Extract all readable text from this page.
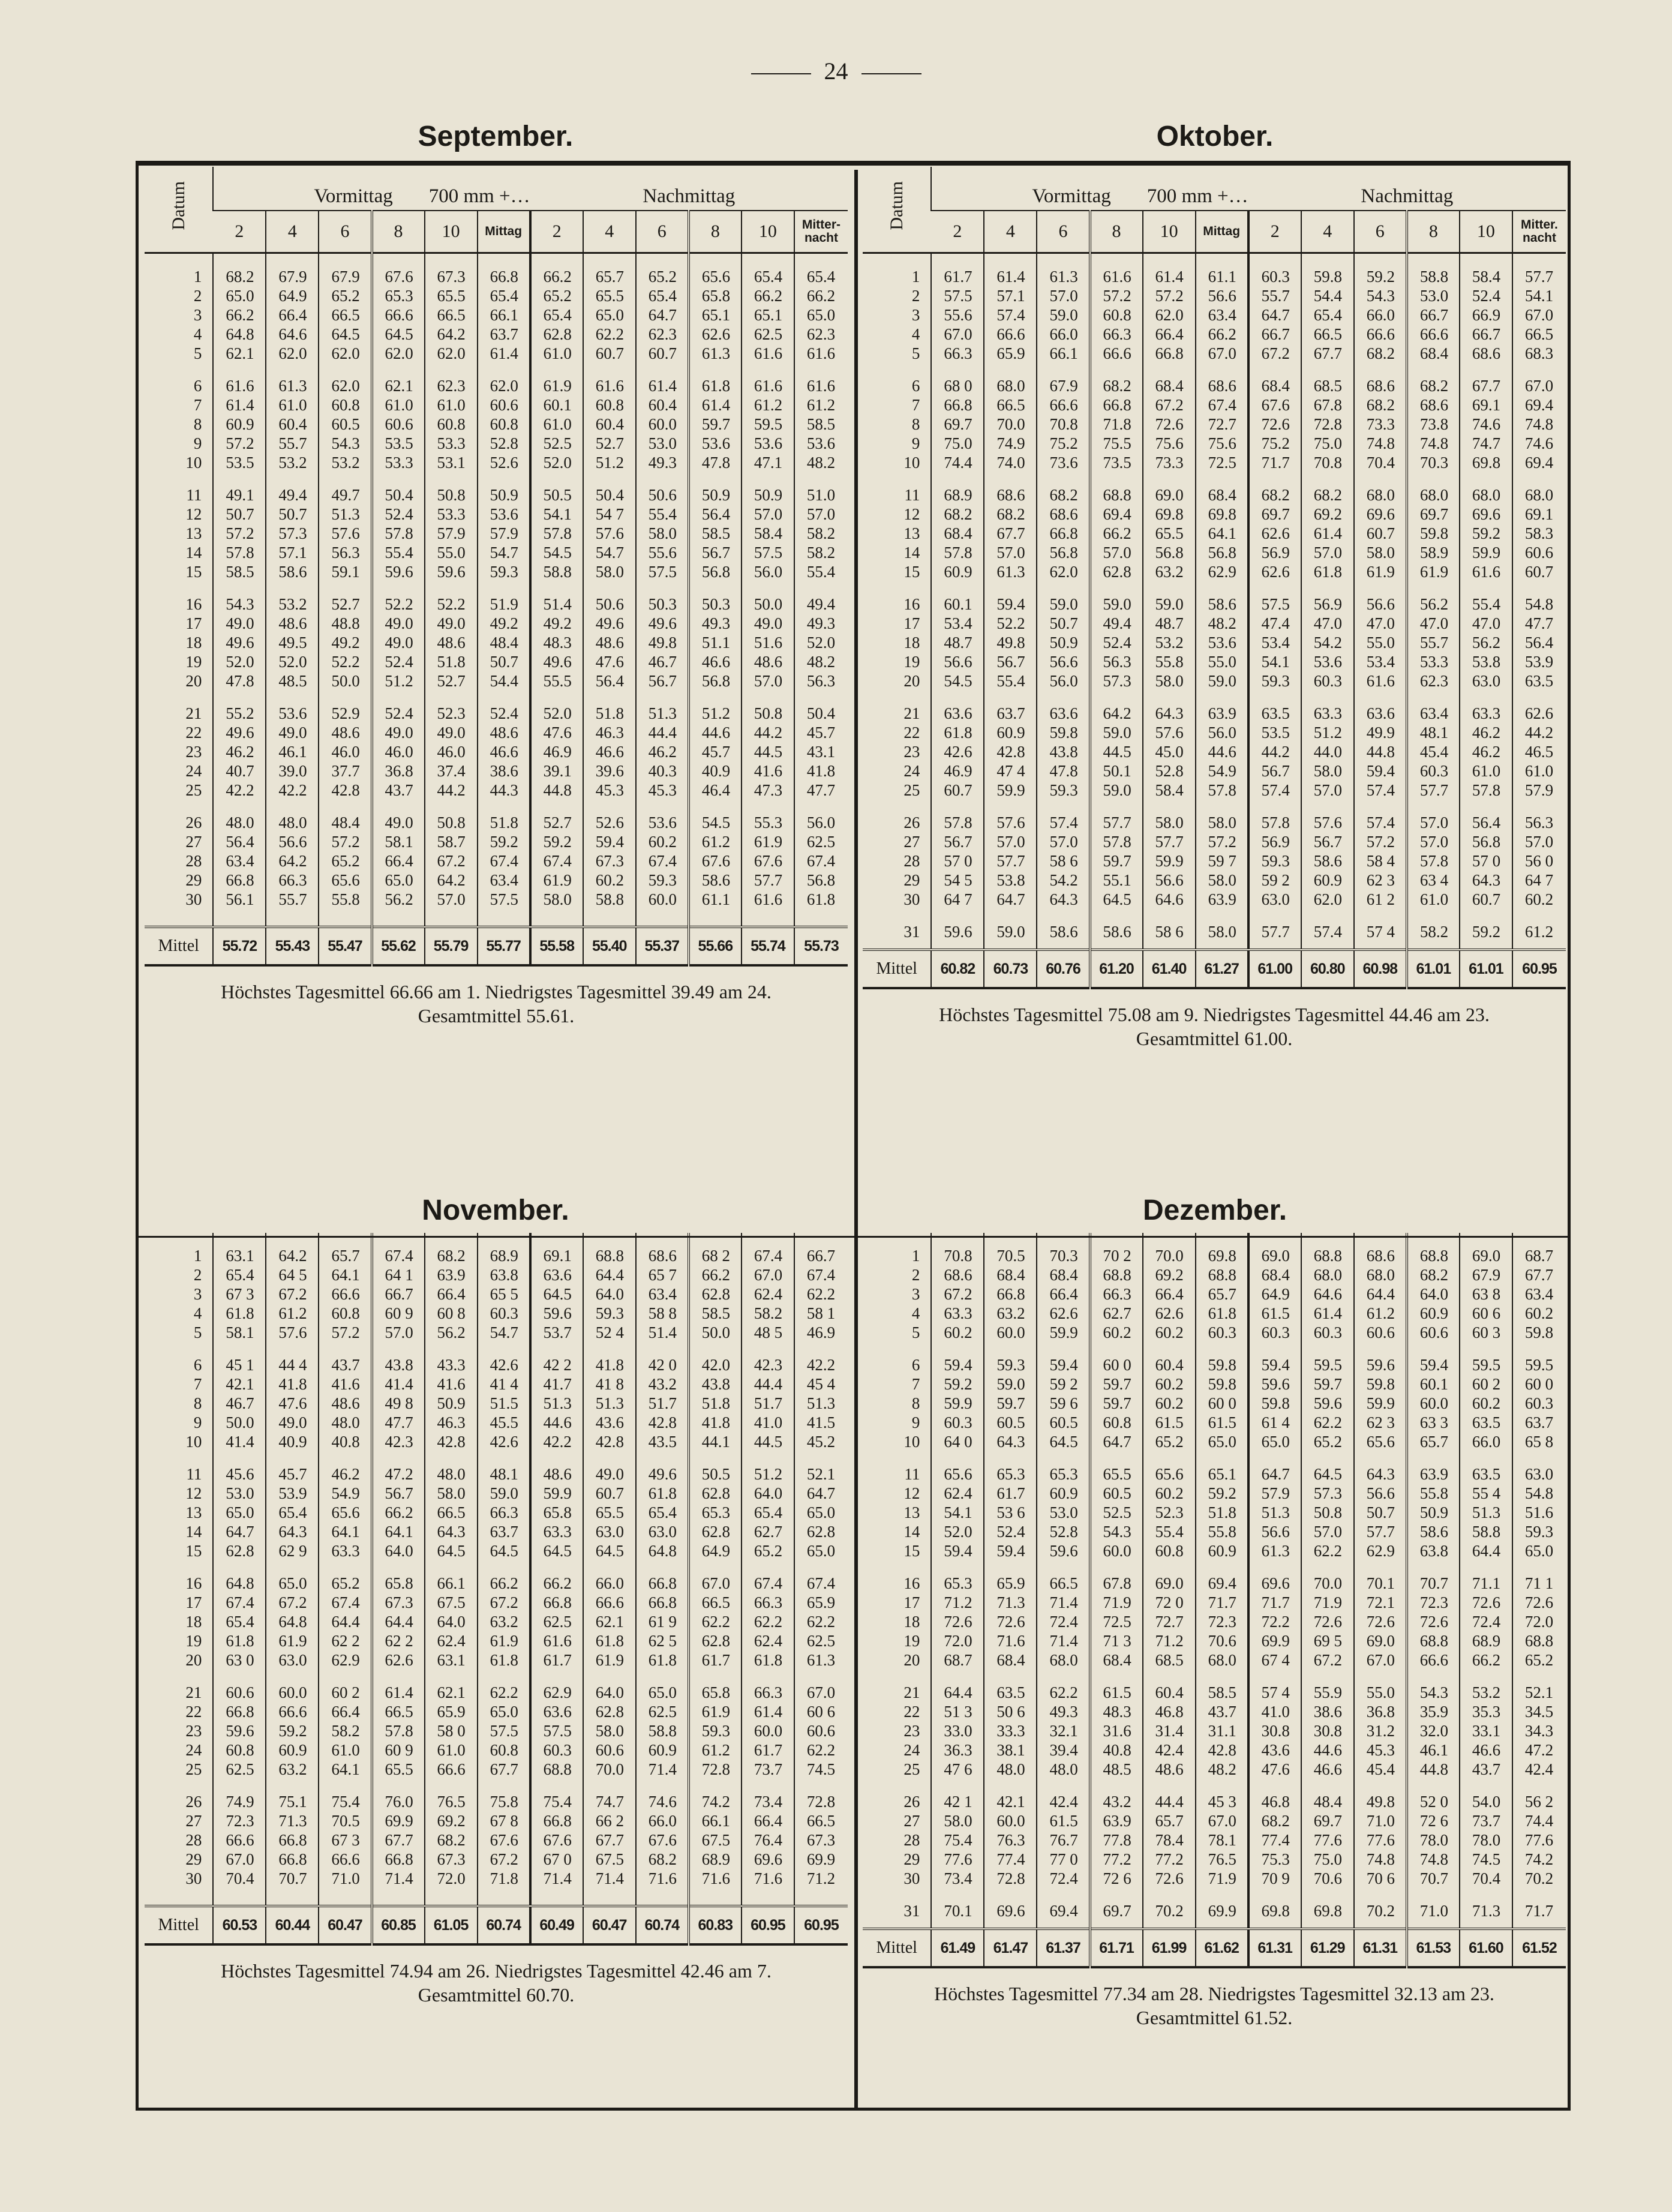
24
September.	Oktober.
November.	Dezember.
Datum	Vormittag 700 mm +…						Nachmittag					
	2	4	6	8	10	Mittag	2	4	6	8	10	Mitter-
nacht

1	68.2	67.9	67.9	67.6	67.3	66.8	66.2	65.7	65.2	65.6	65.4	65.4
2	65.0	64.9	65.2	65.3	65.5	65.4	65.2	65.5	65.4	65.8	66.2	66.2
3	66.2	66.4	66.5	66.6	66.5	66.1	65.4	65.0	64.7	65.1	65.1	65.0
4	64.8	64.6	64.5	64.5	64.2	63.7	62.8	62.2	62.3	62.6	62.5	62.3
5	62.1	62.0	62.0	62.0	62.0	61.4	61.0	60.7	60.7	61.3	61.6	61.6

6	61.6	61.3	62.0	62.1	62.3	62.0	61.9	61.6	61.4	61.8	61.6	61.6
7	61.4	61.0	60.8	61.0	61.0	60.6	60.1	60.8	60.4	61.4	61.2	61.2
8	60.9	60.4	60.5	60.6	60.8	60.8	61.0	60.4	60.0	59.7	59.5	58.5
9	57.2	55.7	54.3	53.5	53.3	52.8	52.5	52.7	53.0	53.6	53.6	53.6
10	53.5	53.2	53.2	53.3	53.1	52.6	52.0	51.2	49.3	47.8	47.1	48.2

11	49.1	49.4	49.7	50.4	50.8	50.9	50.5	50.4	50.6	50.9	50.9	51.0
12	50.7	50.7	51.3	52.4	53.3	53.6	54.1	54 7	55.4	56.4	57.0	57.0
13	57.2	57.3	57.6	57.8	57.9	57.9	57.8	57.6	58.0	58.5	58.4	58.2
14	57.8	57.1	56.3	55.4	55.0	54.7	54.5	54.7	55.6	56.7	57.5	58.2
15	58.5	58.6	59.1	59.6	59.6	59.3	58.8	58.0	57.5	56.8	56.0	55.4

16	54.3	53.2	52.7	52.2	52.2	51.9	51.4	50.6	50.3	50.3	50.0	49.4
17	49.0	48.6	48.8	49.0	49.0	49.2	49.2	49.6	49.6	49.3	49.0	49.3
18	49.6	49.5	49.2	49.0	48.6	48.4	48.3	48.6	49.8	51.1	51.6	52.0
19	52.0	52.0	52.2	52.4	51.8	50.7	49.6	47.6	46.7	46.6	48.6	48.2
20	47.8	48.5	50.0	51.2	52.7	54.4	55.5	56.4	56.7	56.8	57.0	56.3

21	55.2	53.6	52.9	52.4	52.3	52.4	52.0	51.8	51.3	51.2	50.8	50.4
22	49.6	49.0	48.6	49.0	49.0	48.6	47.6	46.3	44.4	44.6	44.2	45.7
23	46.2	46.1	46.0	46.0	46.0	46.6	46.9	46.6	46.2	45.7	44.5	43.1
24	40.7	39.0	37.7	36.8	37.4	38.6	39.1	39.6	40.3	40.9	41.6	41.8
25	42.2	42.2	42.8	43.7	44.2	44.3	44.8	45.3	45.3	46.4	47.3	47.7

26	48.0	48.0	48.4	49.0	50.8	51.8	52.7	52.6	53.6	54.5	55.3	56.0
27	56.4	56.6	57.2	58.1	58.7	59.2	59.2	59.4	60.2	61.2	61.9	62.5
28	63.4	64.2	65.2	66.4	67.2	67.4	67.4	67.3	67.4	67.6	67.6	67.4
29	66.8	66.3	65.6	65.0	64.2	63.4	61.9	60.2	59.3	58.6	57.7	56.8
30	56.1	55.7	55.8	56.2	57.0	57.5	58.0	58.8	60.0	61.1	61.6	61.8

Mittel	55.72	55.43	55.47	55.62	55.79	55.77	55.58	55.40	55.37	55.66	55.74	55.73
Höchstes Tagesmittel 66.66 am 1. Niedrigstes Tagesmittel 39.49 am 24.
Gesamtmittel 55.61.
Datum	Vormittag 700 mm +…						Nachmittag					
	2	4	6	8	10	Mittag	2	4	6	8	10	Mitter.
nacht

1	61.7	61.4	61.3	61.6	61.4	61.1	60.3	59.8	59.2	58.8	58.4	57.7
2	57.5	57.1	57.0	57.2	57.2	56.6	55.7	54.4	54.3	53.0	52.4	54.1
3	55.6	57.4	59.0	60.8	62.0	63.4	64.7	65.4	66.0	66.7	66.9	67.0
4	67.0	66.6	66.0	66.3	66.4	66.2	66.7	66.5	66.6	66.6	66.7	66.5
5	66.3	65.9	66.1	66.6	66.8	67.0	67.2	67.7	68.2	68.4	68.6	68.3

6	68 0	68.0	67.9	68.2	68.4	68.6	68.4	68.5	68.6	68.2	67.7	67.0
7	66.8	66.5	66.6	66.8	67.2	67.4	67.6	67.8	68.2	68.6	69.1	69.4
8	69.7	70.0	70.8	71.8	72.6	72.7	72.6	72.8	73.3	73.8	74.6	74.8
9	75.0	74.9	75.2	75.5	75.6	75.6	75.2	75.0	74.8	74.8	74.7	74.6
10	74.4	74.0	73.6	73.5	73.3	72.5	71.7	70.8	70.4	70.3	69.8	69.4

11	68.9	68.6	68.2	68.8	69.0	68.4	68.2	68.2	68.0	68.0	68.0	68.0
12	68.2	68.2	68.6	69.4	69.8	69.8	69.7	69.2	69.6	69.7	69.6	69.1
13	68.4	67.7	66.8	66.2	65.5	64.1	62.6	61.4	60.7	59.8	59.2	58.3
14	57.8	57.0	56.8	57.0	56.8	56.8	56.9	57.0	58.0	58.9	59.9	60.6
15	60.9	61.3	62.0	62.8	63.2	62.9	62.6	61.8	61.9	61.9	61.6	60.7

16	60.1	59.4	59.0	59.0	59.0	58.6	57.5	56.9	56.6	56.2	55.4	54.8
17	53.4	52.2	50.7	49.4	48.7	48.2	47.4	47.0	47.0	47.0	47.0	47.7
18	48.7	49.8	50.9	52.4	53.2	53.6	53.4	54.2	55.0	55.7	56.2	56.4
19	56.6	56.7	56.6	56.3	55.8	55.0	54.1	53.6	53.4	53.3	53.8	53.9
20	54.5	55.4	56.0	57.3	58.0	59.0	59.3	60.3	61.6	62.3	63.0	63.5

21	63.6	63.7	63.6	64.2	64.3	63.9	63.5	63.3	63.6	63.4	63.3	62.6
22	61.8	60.9	59.8	59.0	57.6	56.0	53.5	51.2	49.9	48.1	46.2	44.2
23	42.6	42.8	43.8	44.5	45.0	44.6	44.2	44.0	44.8	45.4	46.2	46.5
24	46.9	47 4	47.8	50.1	52.8	54.9	56.7	58.0	59.4	60.3	61.0	61.0
25	60.7	59.9	59.3	59.0	58.4	57.8	57.4	57.0	57.4	57.7	57.8	57.9

26	57.8	57.6	57.4	57.7	58.0	58.0	57.8	57.6	57.4	57.0	56.4	56.3
27	56.7	57.0	57.0	57.8	57.7	57.2	56.9	56.7	57.2	57.0	56.8	57.0
28	57 0	57.7	58 6	59.7	59.9	59 7	59.3	58.6	58 4	57.8	57 0	56 0
29	54 5	53.8	54.2	55.1	56.6	58.0	59 2	60.9	62 3	63 4	64.3	64 7
30	64 7	64.7	64.3	64.5	64.6	63.9	63.0	62.0	61 2	61.0	60.7	60.2

31	59.6	59.0	58.6	58.6	58 6	58.0	57.7	57.4	57 4	58.2	59.2	61.2

Mittel	60.82	60.73	60.76	61.20	61.40	61.27	61.00	60.80	60.98	61.01	61.01	60.95
Höchstes Tagesmittel 75.08 am 9. Niedrigstes Tagesmittel 44.46 am 23.
Gesamtmittel 61.00.

1	63.1	64.2	65.7	67.4	68.2	68.9	69.1	68.8	68.6	68 2	67.4	66.7
2	65.4	64 5	64.1	64 1	63.9	63.8	63.6	64.4	65 7	66.2	67.0	67.4
3	67 3	67.2	66.6	66.7	66.4	65 5	64.5	64.0	63.4	62.8	62.4	62.2
4	61.8	61.2	60.8	60 9	60 8	60.3	59.6	59.3	58 8	58.5	58.2	58 1
5	58.1	57.6	57.2	57.0	56.2	54.7	53.7	52 4	51.4	50.0	48 5	46.9

6	45 1	44 4	43.7	43.8	43.3	42.6	42 2	41.8	42 0	42.0	42.3	42.2
7	42.1	41.8	41.6	41.4	41.6	41 4	41.7	41 8	43.2	43.8	44.4	45 4
8	46.7	47.6	48.6	49 8	50.9	51.5	51.3	51.3	51.7	51.8	51.7	51.3
9	50.0	49.0	48.0	47.7	46.3	45.5	44.6	43.6	42.8	41.8	41.0	41.5
10	41.4	40.9	40.8	42.3	42.8	42.6	42.2	42.8	43.5	44.1	44.5	45.2

11	45.6	45.7	46.2	47.2	48.0	48.1	48.6	49.0	49.6	50.5	51.2	52.1
12	53.0	53.9	54.9	56.7	58.0	59.0	59.9	60.7	61.8	62.8	64.0	64.7
13	65.0	65.4	65.6	66.2	66.5	66.3	65.8	65.5	65.4	65.3	65.4	65.0
14	64.7	64.3	64.1	64.1	64.3	63.7	63.3	63.0	63.0	62.8	62.7	62.8
15	62.8	62 9	63.3	64.0	64.5	64.5	64.5	64.5	64.8	64.9	65.2	65.0

16	64.8	65.0	65.2	65.8	66.1	66.2	66.2	66.0	66.8	67.0	67.4	67.4
17	67.4	67.2	67.4	67.3	67.5	67.2	66.8	66.6	66.8	66.5	66.3	65.9
18	65.4	64.8	64.4	64.4	64.0	63.2	62.5	62.1	61 9	62.2	62.2	62.2
19	61.8	61.9	62 2	62 2	62.4	61.9	61.6	61.8	62 5	62.8	62.4	62.5
20	63 0	63.0	62.9	62.6	63.1	61.8	61.7	61.9	61.8	61.7	61.8	61.3

21	60.6	60.0	60 2	61.4	62.1	62.2	62.9	64.0	65.0	65.8	66.3	67.0
22	66.8	66.6	66.4	66.5	65.9	65.0	63.6	62.8	62.5	61.9	61.4	60 6
23	59.6	59.2	58.2	57.8	58 0	57.5	57.5	58.0	58.8	59.3	60.0	60.6
24	60.8	60.9	61.0	60 9	61.0	60.8	60.3	60.6	60.9	61.2	61.7	62.2
25	62.5	63.2	64.1	65.5	66.6	67.7	68.8	70.0	71.4	72.8	73.7	74.5

26	74.9	75.1	75.4	76.0	76.5	75.8	75.4	74.7	74.6	74.2	73.4	72.8
27	72.3	71.3	70.5	69.9	69.2	67 8	66.8	66 2	66.0	66.1	66.4	66.5
28	66.6	66.8	67 3	67.7	68.2	67.6	67.6	67.7	67.6	67.5	76.4	67.3
29	67.0	66.8	66.6	66.8	67.3	67.2	67 0	67.5	68.2	68.9	69.6	69.9
30	70.4	70.7	71.0	71.4	72.0	71.8	71.4	71.4	71.6	71.6	71.6	71.2

Mittel	60.53	60.44	60.47	60.85	61.05	60.74	60.49	60.47	60.74	60.83	60.95	60.95
Höchstes Tagesmittel 74.94 am 26. Niedrigstes Tagesmittel 42.46 am 7.
Gesamtmittel 60.70.

1	70.8	70.5	70.3	70 2	70.0	69.8	69.0	68.8	68.6	68.8	69.0	68.7
2	68.6	68.4	68.4	68.8	69.2	68.8	68.4	68.0	68.0	68.2	67.9	67.7
3	67.2	66.8	66.4	66.3	66.4	65.7	64.9	64.6	64.4	64.0	63 8	63.4
4	63.3	63.2	62.6	62.7	62.6	61.8	61.5	61.4	61.2	60.9	60 6	60.2
5	60.2	60.0	59.9	60.2	60.2	60.3	60.3	60.3	60.6	60.6	60 3	59.8

6	59.4	59.3	59.4	60 0	60.4	59.8	59.4	59.5	59.6	59.4	59.5	59.5
7	59.2	59.0	59 2	59.7	60.2	59.8	59.6	59.7	59.8	60.1	60 2	60 0
8	59.9	59.7	59 6	59.7	60.2	60 0	59.8	59.6	59.9	60.0	60.2	60.3
9	60.3	60.5	60.5	60.8	61.5	61.5	61 4	62.2	62 3	63 3	63.5	63.7
10	64 0	64.3	64.5	64.7	65.2	65.0	65.0	65.2	65.6	65.7	66.0	65 8

11	65.6	65.3	65.3	65.5	65.6	65.1	64.7	64.5	64.3	63.9	63.5	63.0
12	62.4	61.7	60.9	60.5	60.2	59.2	57.9	57.3	56.6	55.8	55 4	54.8
13	54.1	53 6	53.0	52.5	52.3	51.8	51.3	50.8	50.7	50.9	51.3	51.6
14	52.0	52.4	52.8	54.3	55.4	55.8	56.6	57.0	57.7	58.6	58.8	59.3
15	59.4	59.4	59.6	60.0	60.8	60.9	61.3	62.2	62.9	63.8	64.4	65.0

16	65.3	65.9	66.5	67.8	69.0	69.4	69.6	70.0	70.1	70.7	71.1	71 1
17	71.2	71.3	71.4	71.9	72 0	71.7	71.7	71.9	72.1	72.3	72.6	72.6
18	72.6	72.6	72.4	72.5	72.7	72.3	72.2	72.6	72.6	72.6	72.4	72.0
19	72.0	71.6	71.4	71 3	71.2	70.6	69.9	69 5	69.0	68.8	68.9	68.8
20	68.7	68.4	68.0	68.4	68.5	68.0	67 4	67.2	67.0	66.6	66.2	65.2

21	64.4	63.5	62.2	61.5	60.4	58.5	57 4	55.9	55.0	54.3	53.2	52.1
22	51 3	50 6	49.3	48.3	46.8	43.7	41.0	38.6	36.8	35.9	35.3	34.5
23	33.0	33.3	32.1	31.6	31.4	31.1	30.8	30.8	31.2	32.0	33.1	34.3
24	36.3	38.1	39.4	40.8	42.4	42.8	43.6	44.6	45.3	46.1	46.6	47.2
25	47 6	48.0	48.0	48.5	48.6	48.2	47.6	46.6	45.4	44.8	43.7	42.4

26	42 1	42.1	42.4	43.2	44.4	45 3	46.8	48.4	49.8	52 0	54.0	56 2
27	58.0	60.0	61.5	63.9	65.7	67.0	68.2	69.7	71.0	72 6	73.7	74.4
28	75.4	76.3	76.7	77.8	78.4	78.1	77.4	77.6	77.6	78.0	78.0	77.6
29	77.6	77.4	77 0	77.2	77.2	76.5	75.3	75.0	74.8	74.8	74.5	74.2
30	73.4	72.8	72.4	72 6	72.6	71.9	70 9	70.6	70 6	70.7	70.4	70.2

31	70.1	69.6	69.4	69.7	70.2	69.9	69.8	69.8	70.2	71.0	71.3	71.7

Mittel	61.49	61.47	61.37	61.71	61.99	61.62	61.31	61.29	61.31	61.53	61.60	61.52
Höchstes Tagesmittel 77.34 am 28. Niedrigstes Tagesmittel 32.13 am 23.
Gesamtmittel 61.52.
